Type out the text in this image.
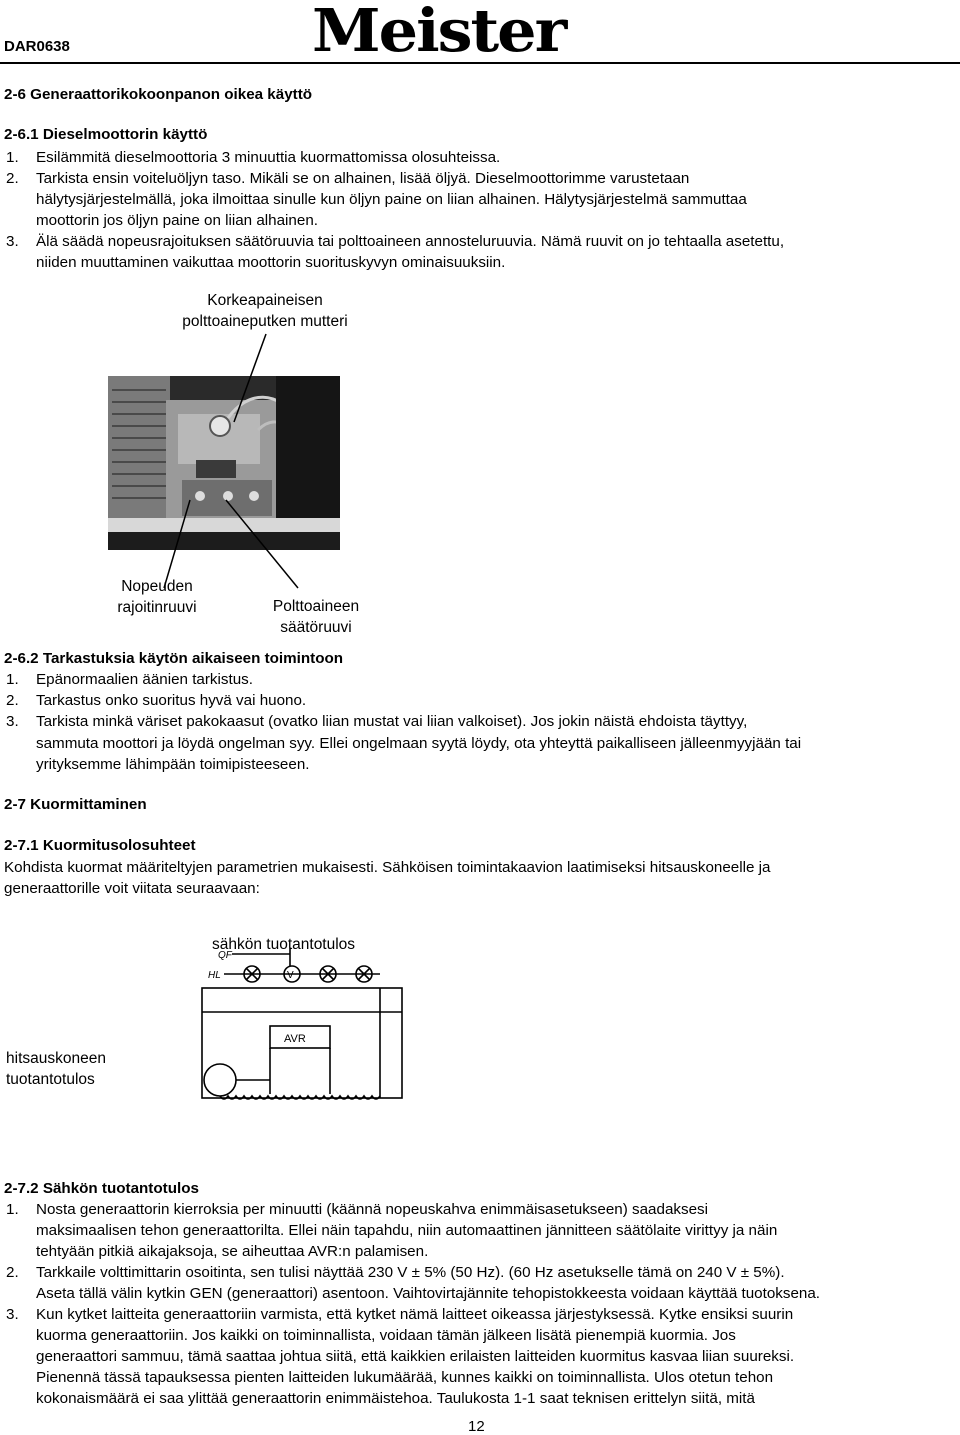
DAR0638	Meister
2-6 Generaattorikokoonpanon oikea käyttö
2-6.1 Dieselmoottorin käyttö
1. Esilämmitä dieselmoottoria 3 minuuttia kuormattomissa olosuhteissa.
2. Tarkista ensin voiteluöljyn taso. Mikäli se on alhainen, lisää öljyä. Dieselmoottorimme varustetaan
hälytysjärjestelmällä, joka ilmoittaa sinulle kun öljyn paine on liian alhainen. Hälytysjärjestelmä sammuttaa
moottorin jos öljyn paine on liian alhainen.
3. Älä säädä nopeusrajoituksen säätöruuvia tai polttoaineen annosteluruuvia. Nämä ruuvit on jo tehtaalla asetettu,
niiden muuttaminen vaikuttaa moottorin suorituskyvyn ominaisuuksiin.
Korkeapaineisen
polttoaineputken mutteri
Nopeuden
rajoitinruuvi	Polttoaineen
säätöruuvi
2-6.2 Tarkastuksia käytön aikaiseen toimintoon
1. Epänormaalien äänien tarkistus.
2. Tarkastus onko suoritus hyvä vai huono.
3. Tarkista minkä väriset pakokaasut (ovatko liian mustat vai liian valkoiset). Jos jokin näistä ehdoista täyttyy,
sammuta moottori ja löydä ongelman syy. Ellei ongelmaan syytä löydy, ota yhteyttä paikalliseen jälleenmyyjään tai
yrityksemme lähimpään toimipisteeseen.
2-7 Kuormittaminen
2-7.1 Kuormitusolosuhteet
Kohdista kuormat määriteltyjen parametrien mukaisesti. Sähköisen toimintakaavion laatimiseksi hitsauskoneelle ja
generaattorille voit viitata seuraavaan:
sähkön tuotantotulos
QF
HL	V
AVR
hitsauskoneen
tuotantotulos
2-7.2 Sähkön tuotantotulos
1. Nosta generaattorin kierroksia per minuutti (käännä nopeuskahva enimmäisasetukseen) saadaksesi
maksimaalisen tehon generaattorilta. Ellei näin tapahdu, niin automaattinen jännitteen säätölaite virittyy ja näin
tehtyään pitkiä aikajaksoja, se aiheuttaa AVR:n palamisen.
2. Tarkkaile volttimittarin osoitinta, sen tulisi näyttää 230 V ± 5% (50 Hz). (60 Hz asetukselle tämä on 240 V ± 5%).
Aseta tällä välin kytkin GEN (generaattori) asentoon. Vaihtovirtajännite tehopistokkeesta voidaan käyttää tuotoksena.
3. Kun kytket laitteita generaattoriin varmista, että kytket nämä laitteet oikeassa järjestyksessä. Kytke ensiksi suurin
kuorma generaattoriin. Jos kaikki on toiminnallista, voidaan tämän jälkeen lisätä pienempiä kuormia. Jos
generaattori sammuu, tämä saattaa johtua siitä, että kaikkien erilaisten laitteiden kuormitus kasvaa liian suureksi.
Pienennä tässä tapauksessa pienten laitteiden lukumäärää, kunnes kaikki on toiminnallista. Ulos otetun tehon
kokonaismäärä ei saa ylittää generaattorin enimmäistehoa. Taulukosta 1-1 saat teknisen erittelyn siitä, mitä
12
